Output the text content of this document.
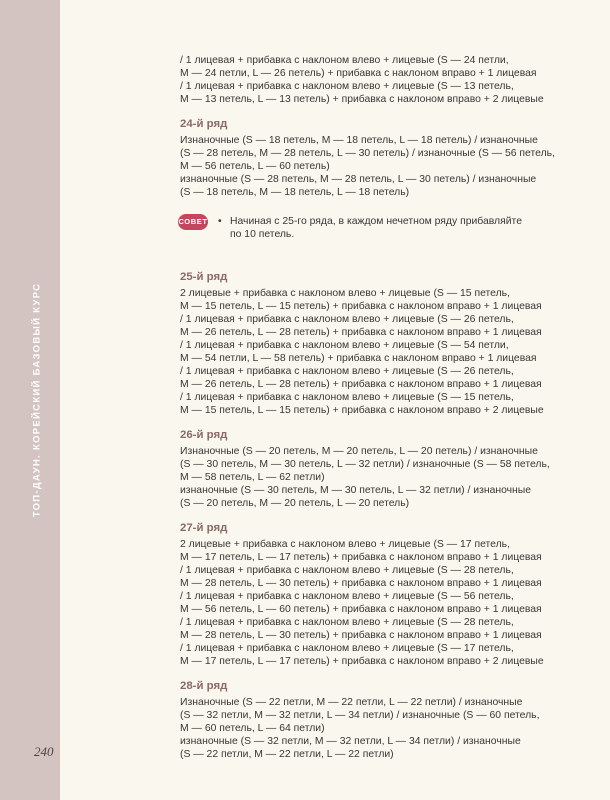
ТОП-ДАУН. КОРЕЙСКИЙ БАЗОВЫЙ КУРС
240
/ 1 лицевая + прибавка с наклоном влево + лицевые (S — 24 петли,
M — 24 петли, L — 26 петель) + прибавка с наклоном вправо + 1 лицевая
/ 1 лицевая + прибавка с наклоном влево + лицевые (S — 13 петель,
M — 13 петель, L — 13 петель) + прибавка с наклоном вправо + 2 лицевые
24-й ряд
Изнаночные (S — 18 петель, M — 18 петель, L — 18 петель) / изнаночные
(S — 28 петель, M — 28 петель, L — 30 петель) / изнаночные (S — 56 петель,
M — 56 петель, L — 60 петель)
изнаночные (S — 28 петель, M — 28 петель, L — 30 петель) / изнаночные
(S — 18 петель, M — 18 петель, L — 18 петель)
СОВЕТ • Начиная с 25-го ряда, в каждом нечетном ряду прибавляйте
по 10 петель.
25-й ряд
2 лицевые + прибавка с наклоном влево + лицевые (S — 15 петель,
M — 15 петель, L — 15 петель) + прибавка с наклоном вправо + 1 лицевая
/ 1 лицевая + прибавка с наклоном влево + лицевые (S — 26 петель,
M — 26 петель, L — 28 петель) + прибавка с наклоном вправо + 1 лицевая
/ 1 лицевая + прибавка с наклоном влево + лицевые (S — 54 петли,
M — 54 петли, L — 58 петель) + прибавка с наклоном вправо + 1 лицевая
/ 1 лицевая + прибавка с наклоном влево + лицевые (S — 26 петель,
M — 26 петель, L — 28 петель) + прибавка с наклоном вправо + 1 лицевая
/ 1 лицевая + прибавка с наклоном влево + лицевые (S — 15 петель,
M — 15 петель, L — 15 петель) + прибавка с наклоном вправо + 2 лицевые
26-й ряд
Изнаночные (S — 20 петель, M — 20 петель, L — 20 петель) / изнаночные
(S — 30 петель, M — 30 петель, L — 32 петли) / изнаночные (S — 58 петель,
M — 58 петель, L — 62 петли)
изнаночные (S — 30 петель, M — 30 петель, L — 32 петли) / изнаночные
(S — 20 петель, M — 20 петель, L — 20 петель)
27-й ряд
2 лицевые + прибавка с наклоном влево + лицевые (S — 17 петель,
M — 17 петель, L — 17 петель) + прибавка с наклоном вправо + 1 лицевая
/ 1 лицевая + прибавка с наклоном влево + лицевые (S — 28 петель,
M — 28 петель, L — 30 петель) + прибавка с наклоном вправо + 1 лицевая
/ 1 лицевая + прибавка с наклоном влево + лицевые (S — 56 петель,
M — 56 петель, L — 60 петель) + прибавка с наклоном вправо + 1 лицевая
/ 1 лицевая + прибавка с наклоном влево + лицевые (S — 28 петель,
M — 28 петель, L — 30 петель) + прибавка с наклоном вправо + 1 лицевая
/ 1 лицевая + прибавка с наклоном влево + лицевые (S — 17 петель,
M — 17 петель, L — 17 петель) + прибавка с наклоном вправо + 2 лицевые
28-й ряд
Изнаночные (S — 22 петли, M — 22 петли, L — 22 петли) / изнаночные
(S — 32 петли, M — 32 петли, L — 34 петли) / изнаночные (S — 60 петель,
M — 60 петель, L — 64 петли)
изнаночные (S — 32 петли, M — 32 петли, L — 34 петли) / изнаночные
(S — 22 петли, M — 22 петли, L — 22 петли)
